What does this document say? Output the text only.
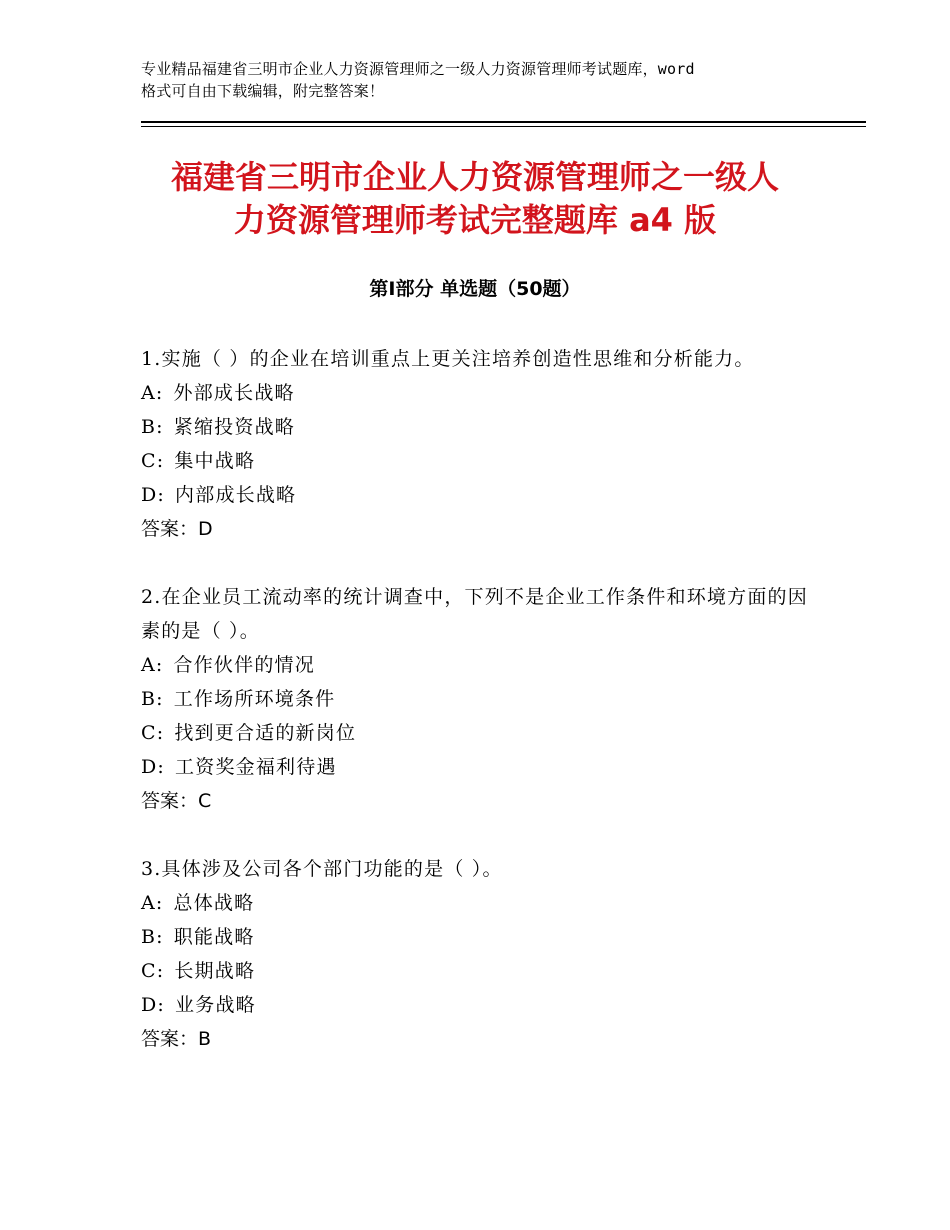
专业精品福建省三明市企业人力资源管理师之一级人力资源管理师考试题库，word
格式可自由下载编辑，附完整答案！
福建省三明市企业人力资源管理师之一级人
力资源管理师考试完整题库 a4 版
第Ⅰ部分 单选题（50题）
1.实施（ ）的企业在培训重点上更关注培养创造性思维和分析能力。
A: 外部成长战略
B: 紧缩投资战略
C: 集中战略
D: 内部成长战略
答案：D
2.在企业员工流动率的统计调查中，下列不是企业工作条件和环境方面的因素的是（ ）。
A: 合作伙伴的情况
B: 工作场所环境条件
C: 找到更合适的新岗位
D: 工资奖金福利待遇
答案：C
3.具体涉及公司各个部门功能的是（ ）。
A: 总体战略
B: 职能战略
C: 长期战略
D: 业务战略
答案：B
